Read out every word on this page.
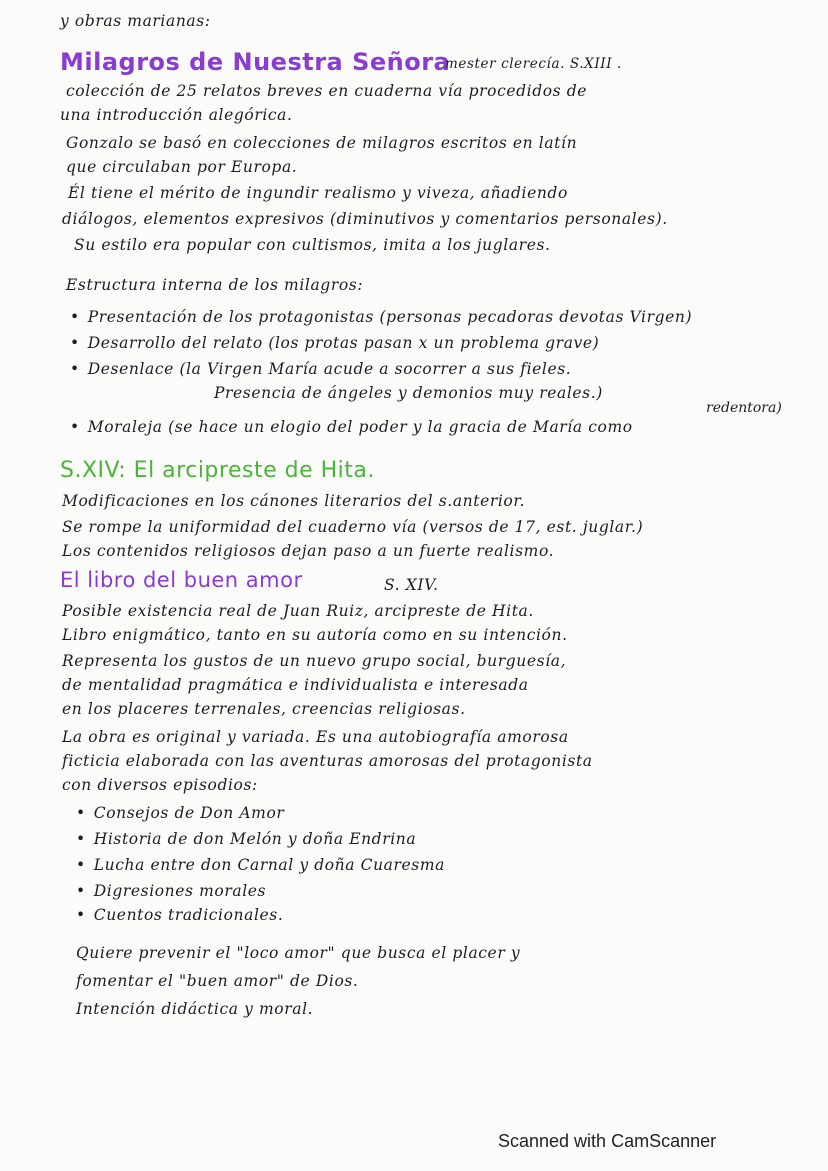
y obras marianas:
Milagros de Nuestra Señora
mester clerecía. S.XIII .
colección de 25 relatos breves en cuaderna vía procedidos de
una introducción alegórica.
Gonzalo se basó en colecciones de milagros escritos en latín
que circulaban por Europa.
Él tiene el mérito de ingundir realismo y viveza, añadiendo
diálogos, elementos expresivos (diminutivos y comentarios personales).
Su estilo era popular con cultismos, imita a los juglares.
Estructura interna de los milagros:
• Presentación de los protagonistas (personas pecadoras devotas Virgen)
• Desarrollo del relato (los protas pasan x un problema grave)
• Desenlace (la Virgen María acude a socorrer a sus fieles.
Presencia de ángeles y demonios muy reales.)
• Moraleja (se hace un elogio del poder y la gracia de María como
redentora)
S.XIV: El arcipreste de Hita.
Modificaciones en los cánones literarios del s.anterior.
Se rompe la uniformidad del cuaderno vía (versos de 17, est. juglar.)
Los contenidos religiosos dejan paso a un fuerte realismo.
El libro del buen amor	S. XIV.
Posible existencia real de Juan Ruiz, arcipreste de Hita.
Libro enigmático, tanto en su autoría como en su intención.
Representa los gustos de un nuevo grupo social, burguesía,
de mentalidad pragmática e individualista e interesada
en los placeres terrenales, creencias religiosas.
La obra es original y variada. Es una autobiografía amorosa
ficticia elaborada con las aventuras amorosas del protagonista
con diversos episodios:
• Consejos de Don Amor
• Historia de don Melón y doña Endrina
• Lucha entre don Carnal y doña Cuaresma
• Digresiones morales
• Cuentos tradicionales.
Quiere prevenir el "loco amor" que busca el placer y
fomentar el "buen amor" de Dios.
Intención didáctica y moral.
Scanned with CamScanner
